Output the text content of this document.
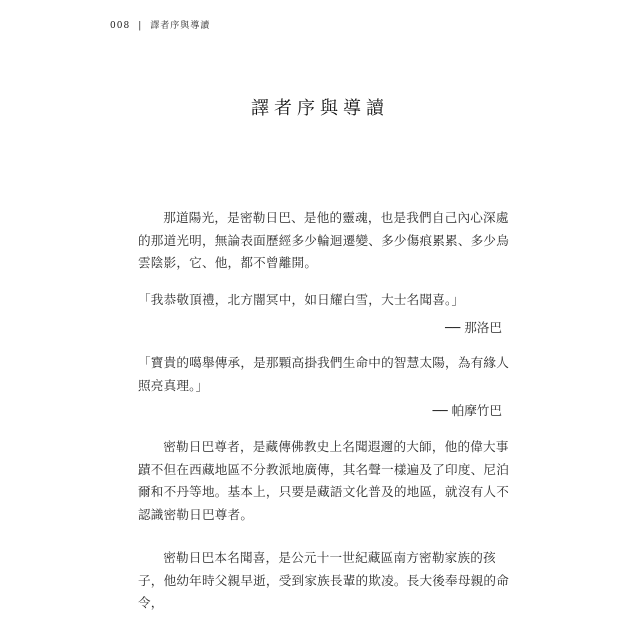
008 | 譯者序與導讀
譯者序與導讀

那道陽光，是密勒日巴、是他的靈魂，也是我們自己內心深處的那道光明，無論表面歷經多少輪迴遷變、多少傷痕累累、多少烏雲陰影，它、他，都不曾離開。

「我恭敬頂禮，北方闇冥中，如日耀白雪，大士名聞喜。」

── 那洛巴

「寶貴的噶舉傳承，是那顆高掛我們生命中的智慧太陽，為有緣人照亮真理。」

── 帕摩竹巴

密勒日巴尊者，是藏傳佛教史上名聞遐邇的大師，他的偉大事蹟不但在西藏地區不分教派地廣傳，其名聲一樣遍及了印度、尼泊爾和不丹等地。基本上，只要是藏語文化普及的地區，就沒有人不認識密勒日巴尊者。

密勒日巴本名聞喜，是公元十一世紀藏區南方密勒家族的孩子，他幼年時父親早逝，受到家族長輩的欺凌。長大後奉母親的命令，
